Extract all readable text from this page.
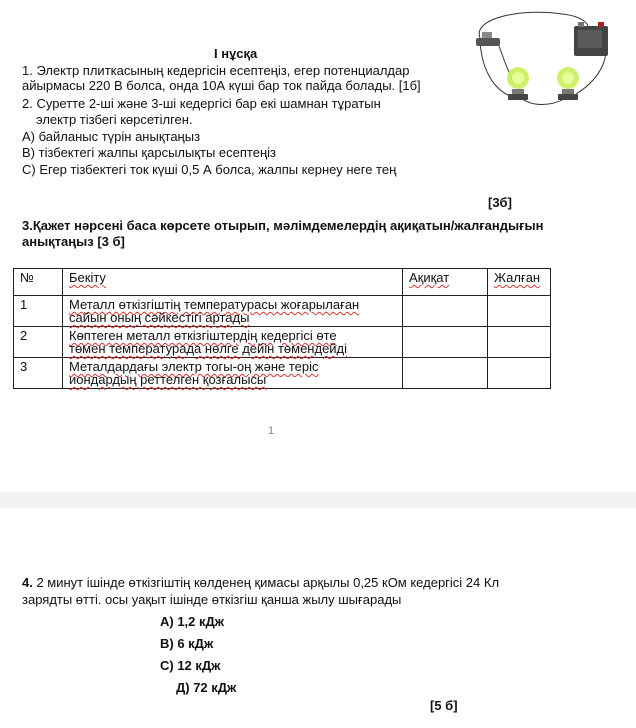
І нұсқа
1. Электр плиткасының кедергісін есептеңіз, егер потенциалдар
айырмасы 220 В болса, онда 10А күші бар ток пайда болады. [1б]
2. Суретте 2-ші және 3-ші кедергісі бар екі шамнан тұратын
электр тізбегі көрсетілген.
A) байланыс түрін анықтаңыз
B) тізбектегі жалпы қарсылықты есептеңіз
C) Егер тізбектегі ток күші 0,5 А болса, жалпы кернеу неге тең
[3б]
3.Қажет нәрсені баса көрсете отырып, мәлімдемелердің ақиқатын/жалғандығын
анықтаңыз [3 б]
№	Бекіту	Ақиқат	Жалған
1	Металл өткізгіштің температурасы жоғарылаған
сайын оның сәйкестігі артады		

2	Көптеген металл өткізгіштердің кедергісі өте
төмен температурада нөлге дейін төмендейді		

3	Металдардағы электр тогы-оң және теріс
иондардың реттелген қозғалысы		

1
4. 2 минут ішінде өткізгіштің көлденең қимасы арқылы 0,25 кОм кедергісі 24 Кл
зарядты өтті. осы уақыт ішінде өткізгіш қанша жылу шығарады
A) 1,2 кДж
B) 6 кДж
C) 12 кДж
Д) 72 кДж
[5 б]
